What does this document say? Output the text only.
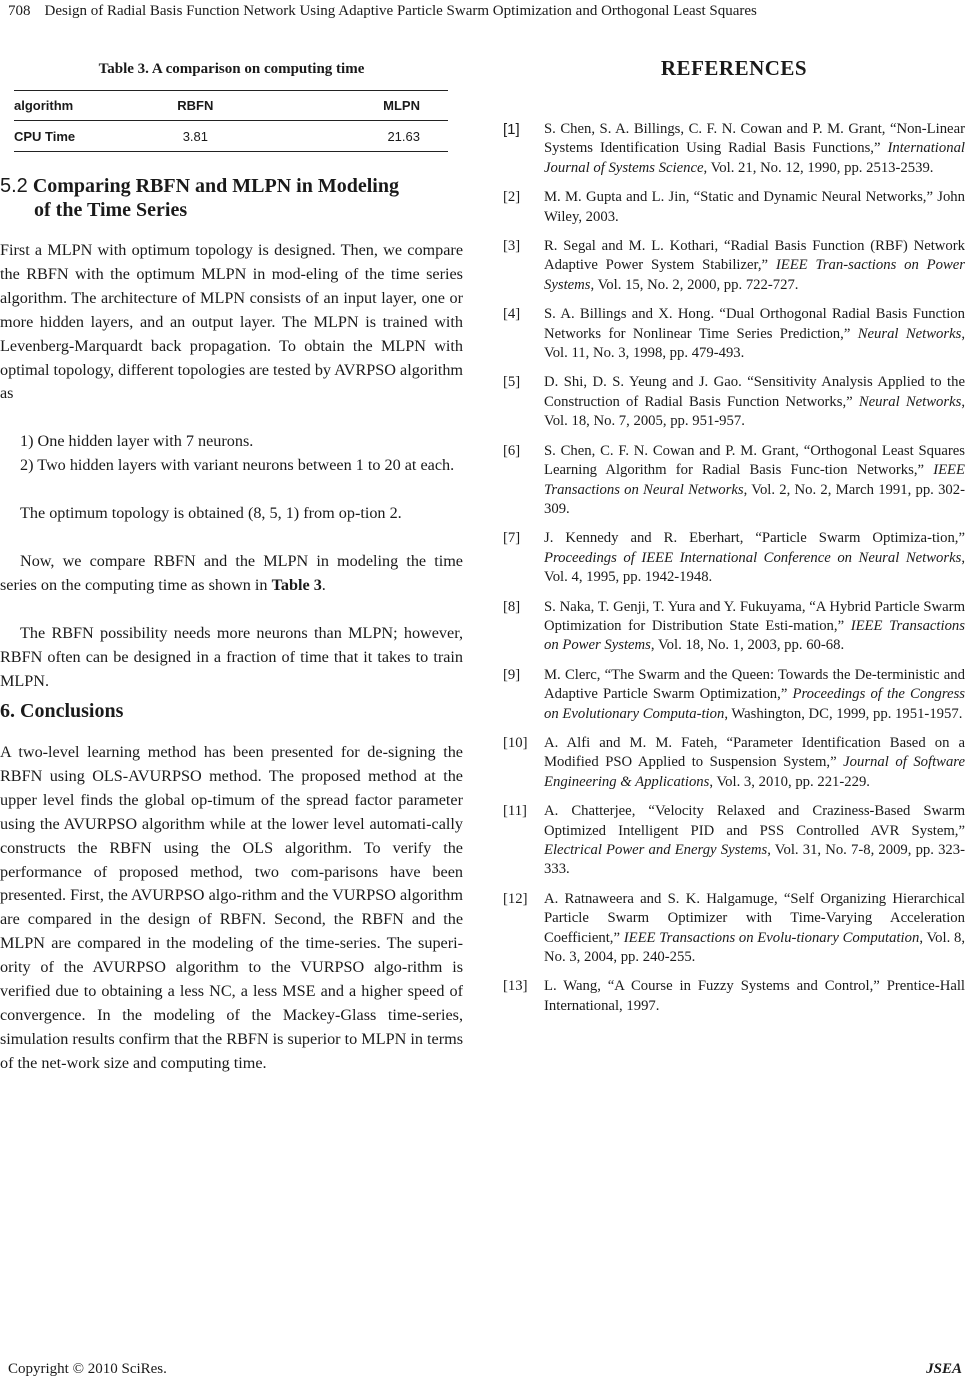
708 Design of Radial Basis Function Network Using Adaptive Particle Swarm Optimization and Orthogonal Least Squares
Table 3. A comparison on computing time
algorithm	RBFN	MLPN
CPU Time	3.81	21.63
5.2 Comparing RBFN and MLPN in Modeling
of the Time Series

First a MLPN with optimum topology is designed. Then, we compare the RBFN with the optimum MLPN in mod-eling of the time series algorithm. The architecture of MLPN consists of an input layer, one or more hidden layers, and an output layer. The MLPN is trained with Levenberg-Marquardt back propagation. To obtain the MLPN with optimal topology, different topologies are tested by AVRPSO algorithm as

1) One hidden layer with 7 neurons.

2) Two hidden layers with variant neurons between 1 to 20 at each.

The optimum topology is obtained (8, 5, 1) from op-tion 2.

Now, we compare RBFN and the MLPN in modeling the time series on the computing time as shown in Table 3.

The RBFN possibility needs more neurons than MLPN; however, RBFN often can be designed in a fraction of time that it takes to train MLPN.

6. Conclusions

A two-level learning method has been presented for de-signing the RBFN using OLS-AVURPSO method. The proposed method at the upper level finds the global op-timum of the spread factor parameter using the AVURPSO algorithm while at the lower level automati-cally constructs the RBFN using the OLS algorithm. To verify the performance of proposed method, two com-parisons have been presented. First, the AVURPSO algo-rithm and the VURPSO algorithm are compared in the design of RBFN. Second, the RBFN and the MLPN are compared in the modeling of the time-series. The superi-ority of the AVURPSO algorithm to the VURPSO algo-rithm is verified due to obtaining a less NC, a less MSE and a higher speed of convergence. In the modeling of the Mackey-Glass time-series, simulation results confirm that the RBFN is superior to MLPN in terms of the net-work size and computing time.

REFERENCES
[1]	S. Chen, S. A. Billings, C. F. N. Cowan and P. M. Grant, “Non-Linear Systems Identification Using Radial Basis Functions,” International Journal of Systems Science, Vol. 21, No. 12, 1990, pp. 2513-2539.
[2]	M. M. Gupta and L. Jin, “Static and Dynamic Neural Networks,” John Wiley, 2003.
[3]	R. Segal and M. L. Kothari, “Radial Basis Function (RBF) Network Adaptive Power System Stabilizer,” IEEE Tran-sactions on Power Systems, Vol. 15, No. 2, 2000, pp. 722-727.
[4]	S. A. Billings and X. Hong. “Dual Orthogonal Radial Basis Function Networks for Nonlinear Time Series Prediction,” Neural Networks, Vol. 11, No. 3, 1998, pp. 479-493.
[5]	D. Shi, D. S. Yeung and J. Gao. “Sensitivity Analysis Applied to the Construction of Radial Basis Function Networks,” Neural Networks, Vol. 18, No. 7, 2005, pp. 951-957.
[6]	S. Chen, C. F. N. Cowan and P. M. Grant, “Orthogonal Least Squares Learning Algorithm for Radial Basis Func-tion Networks,” IEEE Transactions on Neural Networks, Vol. 2, No. 2, March 1991, pp. 302-309.
[7]	J. Kennedy and R. Eberhart, “Particle Swarm Optimiza-tion,” Proceedings of IEEE International Conference on Neural Networks, Vol. 4, 1995, pp. 1942-1948.
[8]	S. Naka, T. Genji, T. Yura and Y. Fukuyama, “A Hybrid Particle Swarm Optimization for Distribution State Esti-mation,” IEEE Transactions on Power Systems, Vol. 18, No. 1, 2003, pp. 60-68.
[9]	M. Clerc, “The Swarm and the Queen: Towards the De-terministic and Adaptive Particle Swarm Optimization,” Proceedings of the Congress on Evolutionary Computa-tion, Washington, DC, 1999, pp. 1951-1957.
[10]	A. Alfi and M. M. Fateh, “Parameter Identification Based on a Modified PSO Applied to Suspension System,” Journal of Software Engineering & Applications, Vol. 3, 2010, pp. 221-229.
[11]	A. Chatterjee, “Velocity Relaxed and Craziness-Based Swarm Optimized Intelligent PID and PSS Controlled AVR System,” Electrical Power and Energy Systems, Vol. 31, No. 7-8, 2009, pp. 323-333.
[12]	A. Ratnaweera and S. K. Halgamuge, “Self Organizing Hierarchical Particle Swarm Optimizer with Time-Varying Acceleration Coefficient,” IEEE Transactions on Evolu-tionary Computation, Vol. 8, No. 3, 2004, pp. 240-255.
[13]	L. Wang, “A Course in Fuzzy Systems and Control,” Prentice-Hall International, 1997.
Copyright © 2010 SciRes.	JSEA
